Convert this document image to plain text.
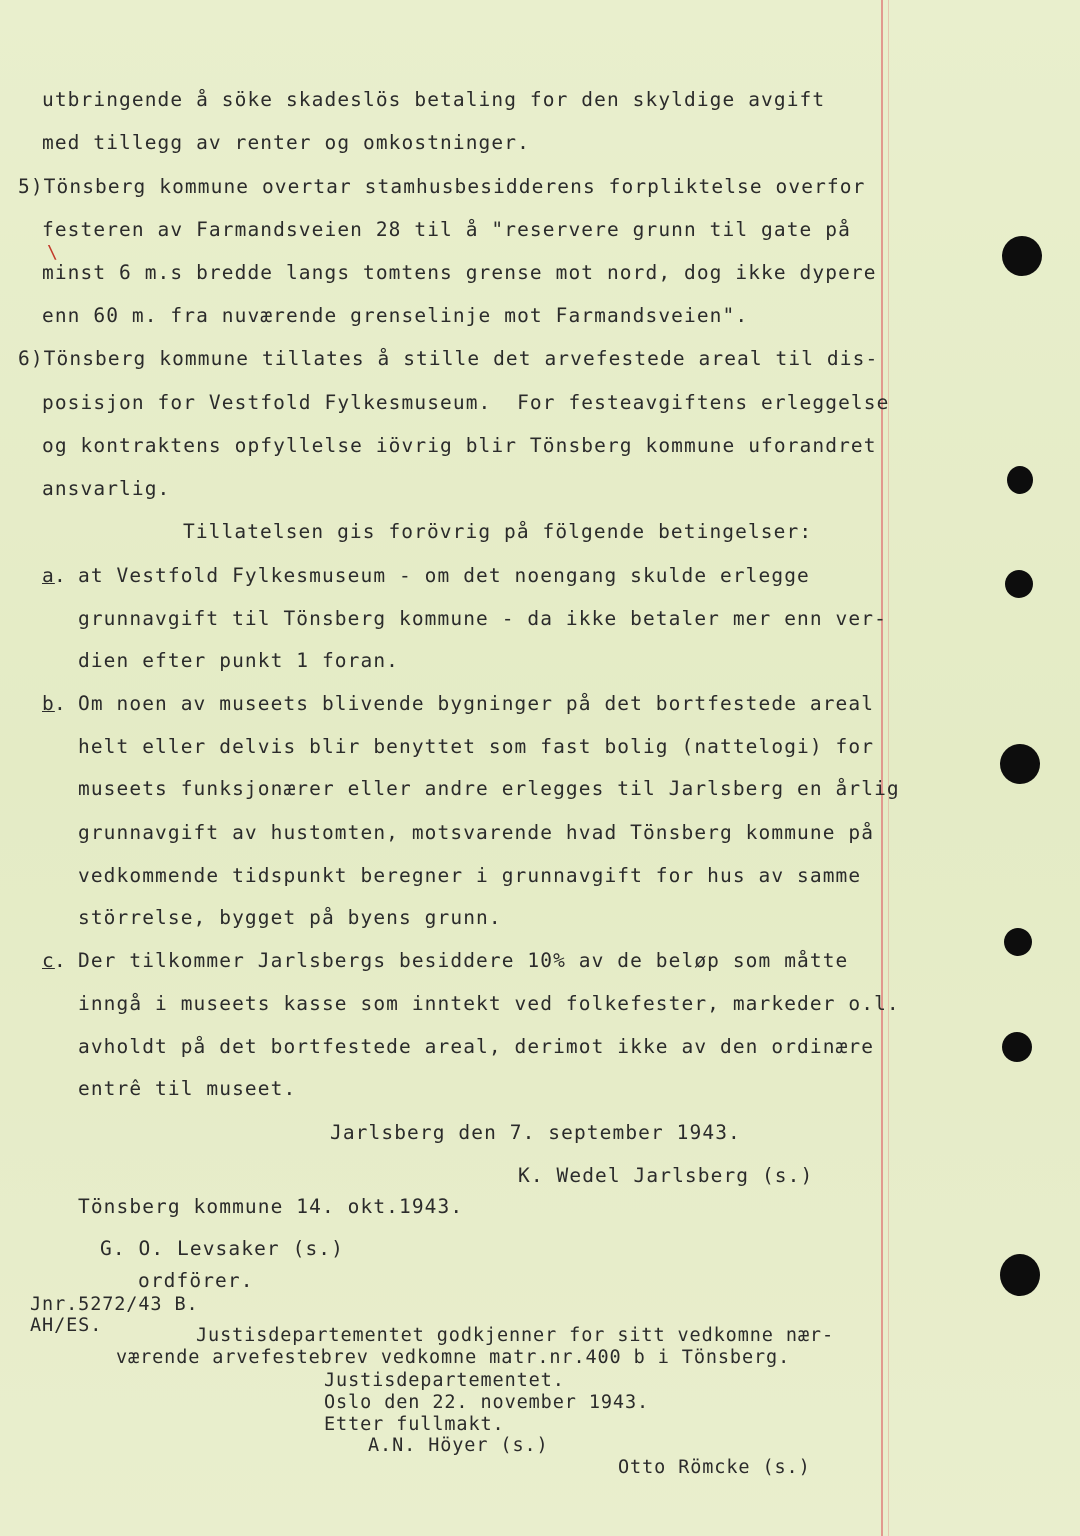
\
utbringende å söke skadeslös betaling for den skyldige avgift
med tillegg av renter og omkostninger.
5)Tönsberg kommune overtar stamhusbesidderens forpliktelse overfor
festeren av Farmandsveien 28 til å "reservere grunn til gate på
minst 6 m.s bredde langs tomtens grense mot nord, dog ikke dypere
enn 60 m. fra nuværende grenselinje mot Farmandsveien".
6)Tönsberg kommune tillates å stille det arvefestede areal til dis-
posisjon for Vestfold Fylkesmuseum.  For festeavgiftens erleggelse
og kontraktens opfyllelse iövrig blir Tönsberg kommune uforandret
ansvarlig.
Tillatelsen gis forövrig på fölgende betingelser:
a . at Vestfold Fylkesmuseum - om det noengang skulde erlegge
grunnavgift til Tönsberg kommune - da ikke betaler mer enn ver-
dien efter punkt 1 foran.
b . Om noen av museets blivende bygninger på det bortfestede areal
helt eller delvis blir benyttet som fast bolig (nattelogi) for
museets funksjonærer eller andre erlegges til Jarlsberg en årlig
grunnavgift av hustomten, motsvarende hvad Tönsberg kommune på
vedkommende tidspunkt beregner i grunnavgift for hus av samme
störrelse, bygget på byens grunn.
c . Der tilkommer Jarlsbergs besiddere 10% av de beløp som måtte
inngå i museets kasse som inntekt ved folkefester, markeder o.l.
avholdt på det bortfestede areal, derimot ikke av den ordinære
entrê til museet.
Jarlsberg den 7. september 1943.
K. Wedel Jarlsberg (s.)
Tönsberg kommune 14. okt.1943.
G. O. Levsaker (s.)
ordförer.
Jnr.5272/43 B.
AH/ES.	Justisdepartementet godkjenner for sitt vedkomne nær-
værende arvefestebrev vedkomne matr.nr.400 b i Tönsberg.
Justisdepartementet.
Oslo den 22. november 1943.
Etter fullmakt.
A.N. Höyer (s.)
Otto Römcke (s.)
